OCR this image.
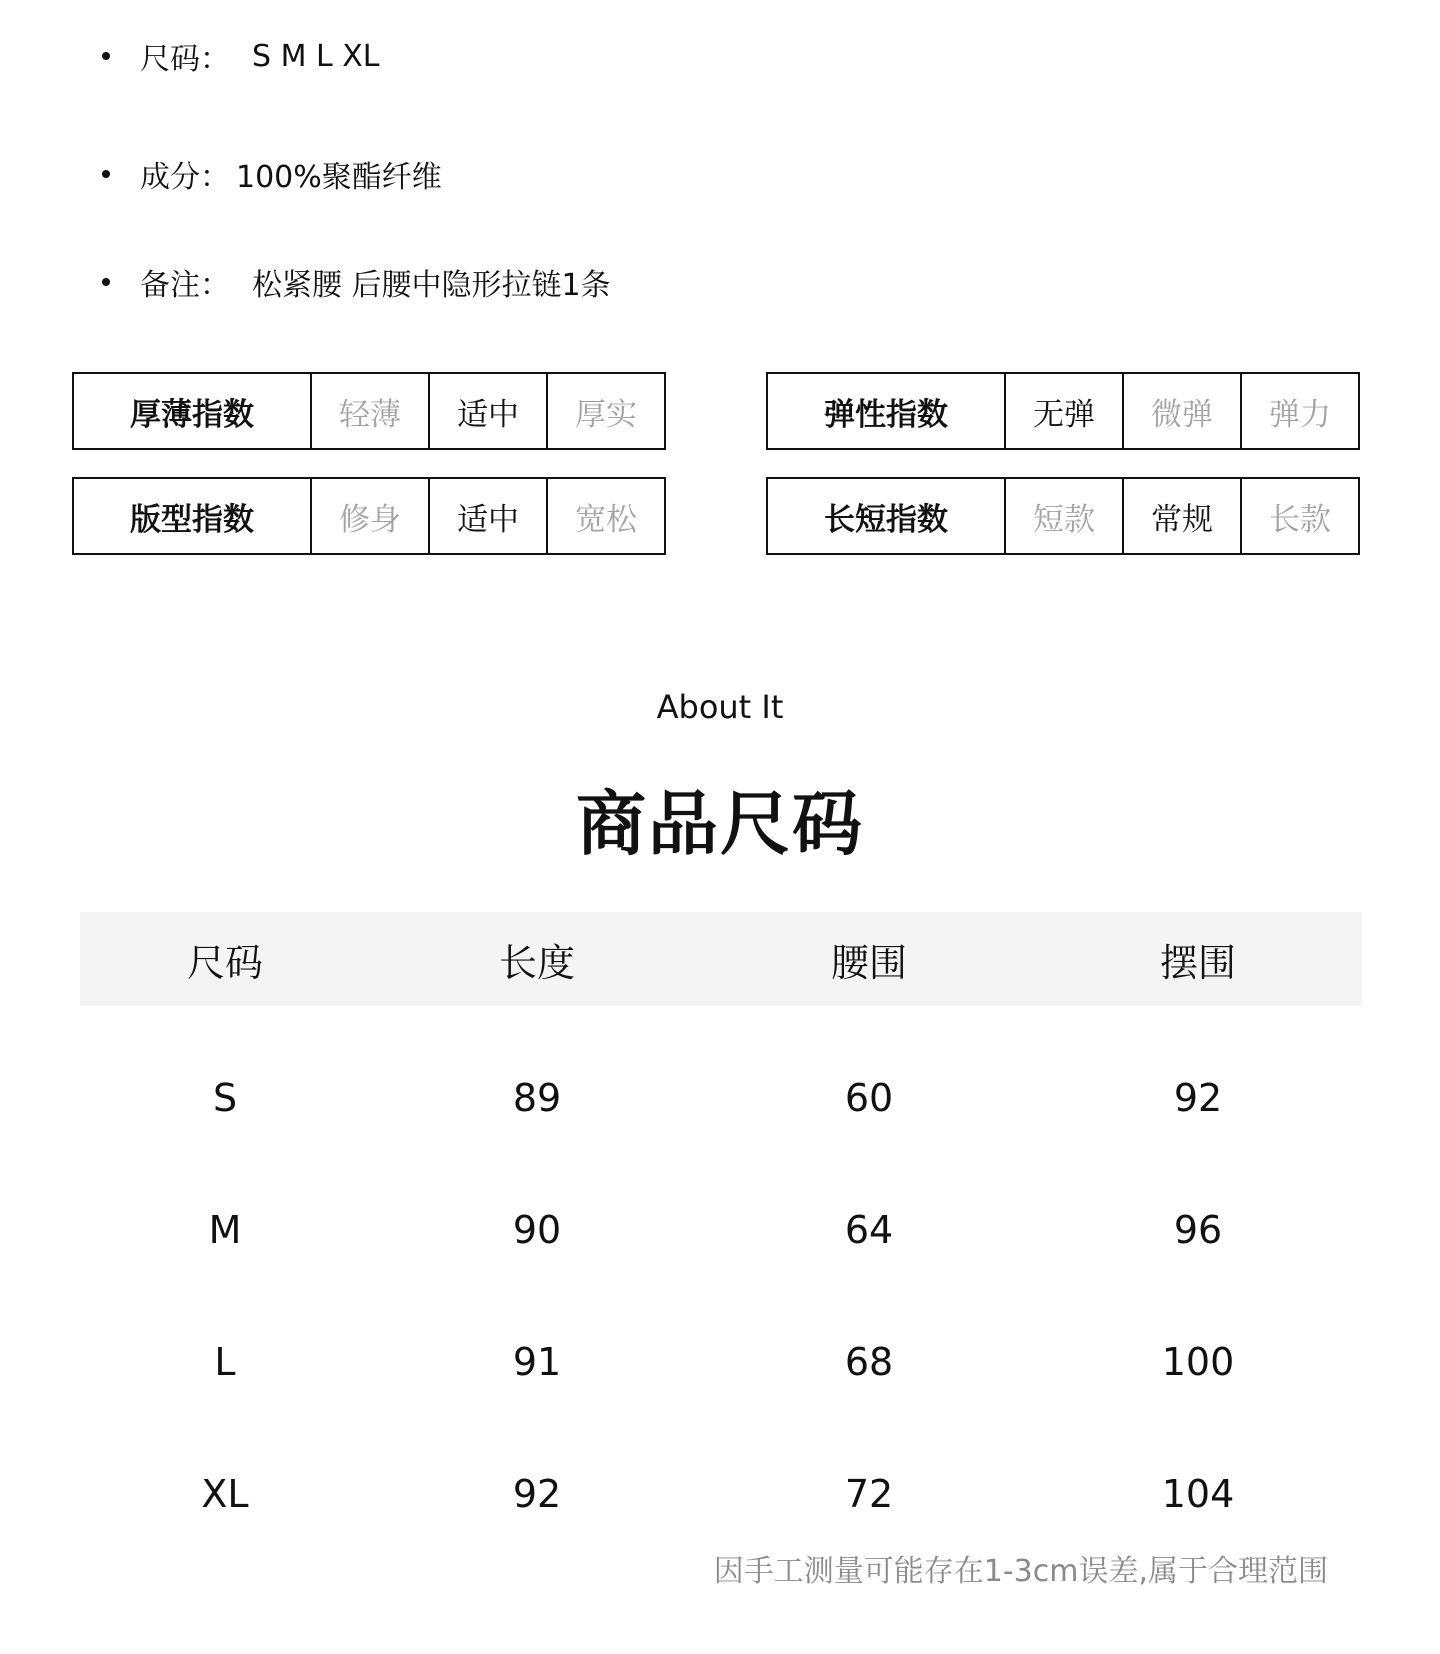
尺码： S M L XL
成分： 100%聚酯纤维
备注： 松紧腰 后腰中隐形拉链1条
厚薄指数	轻薄	适中	厚实	弹性指数	无弹	微弹	弹力
版型指数	修身	适中	宽松	长短指数	短款	常规	长款
About It
商品尺码
尺码	长度	腰围	摆围
S	89	60	92
M	90	64	96
L	91	68	100
XL	92	72	104
因手工测量可能存在1-3cm误差,属于合理范围
